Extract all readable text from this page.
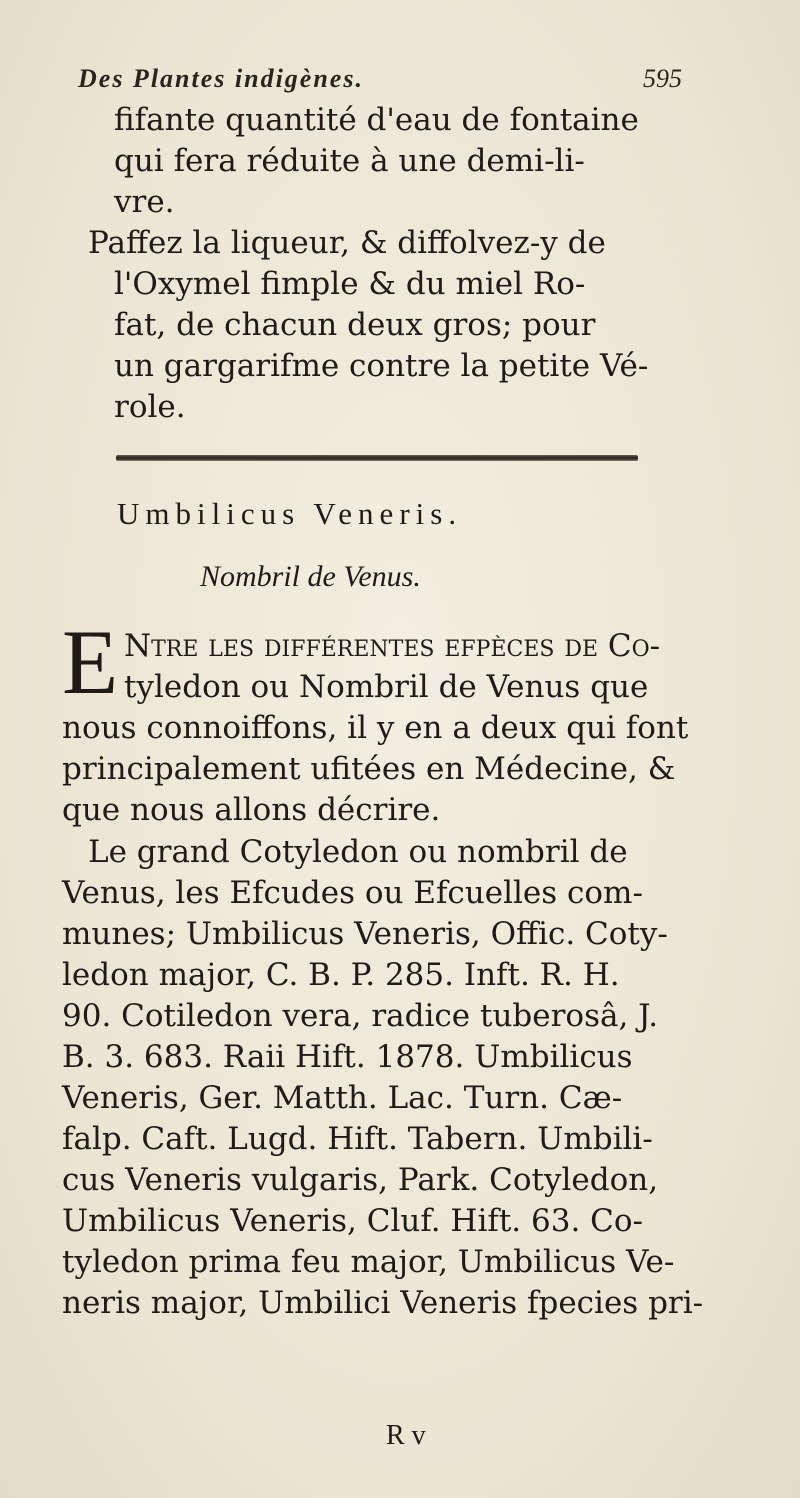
Des Plantes indigènes.	595
fifante quantité d'eau de fontaine
qui fera réduite à une demi-li-
vre.
Paffez la liqueur, & diffolvez-y de
l'Oxymel fimple & du miel Ro-
fat, de chacun deux gros; pour
un gargarifme contre la petite Vé-
role.
Umbilicus Veneris.
Nombril de Venus.
E Ntre les différentes efpèces de Co-
tyledon ou Nombril de Venus que
nous connoiffons, il y en a deux qui font
principalement ufitées en Médecine, &
que nous allons décrire.
Le grand Cotyledon ou nombril de
Venus, les Efcudes ou Efcuelles com-
munes; Umbilicus Veneris, Offic. Coty-
ledon major, C. B. P. 285. Inft. R. H.
90. Cotiledon vera, radice tuberosâ, J.
B. 3. 683. Raii Hift. 1878. Umbilicus
Veneris, Ger. Matth. Lac. Turn. Cæ-
falp. Caft. Lugd. Hift. Tabern. Umbili-
cus Veneris vulgaris, Park. Cotyledon,
Umbilicus Veneris, Cluf. Hift. 63. Co-
tyledon prima feu major, Umbilicus Ve-
neris major, Umbilici Veneris fpecies pri-
R v
